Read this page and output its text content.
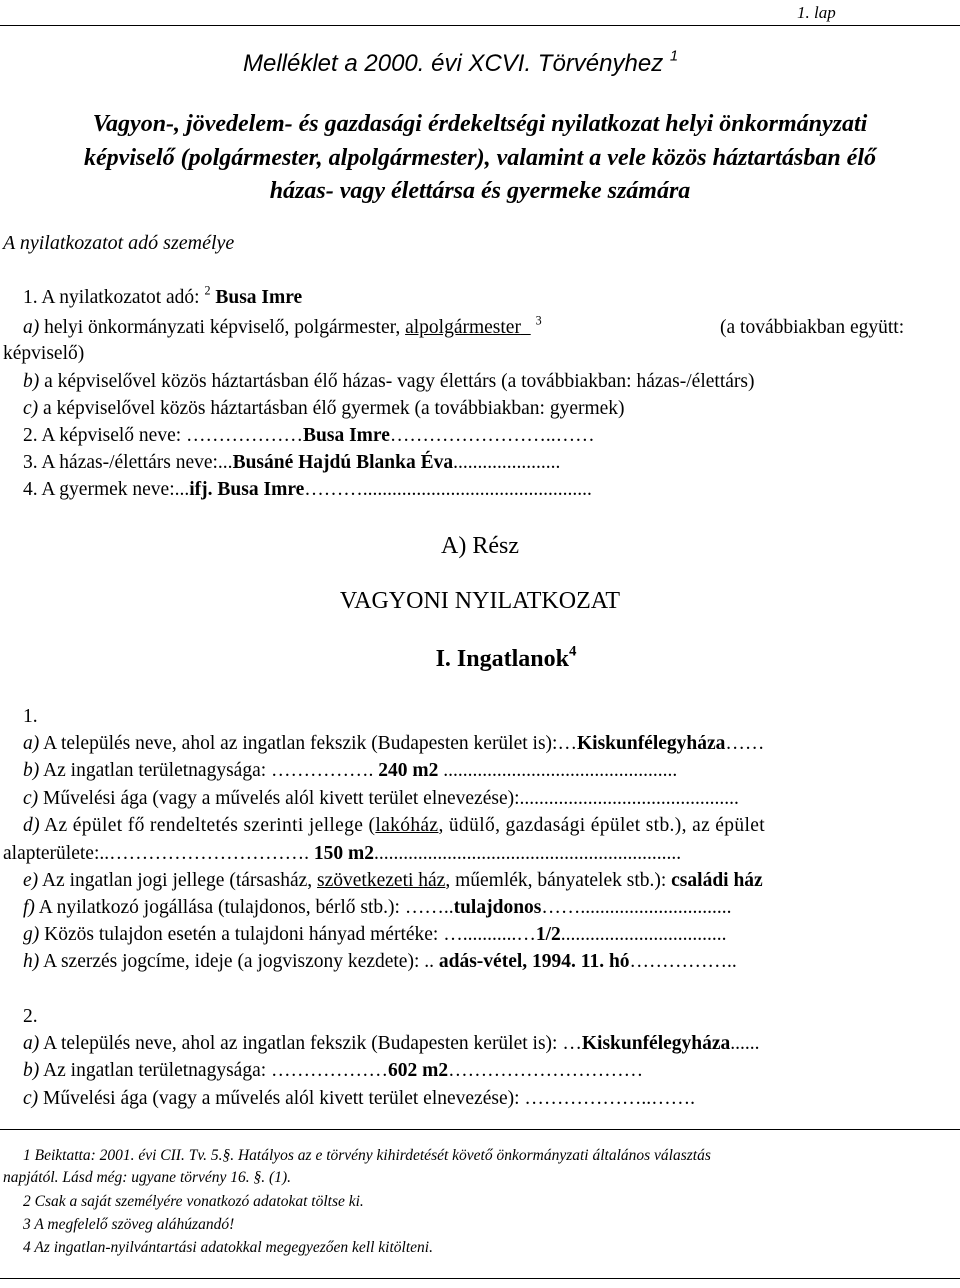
1. lap
Melléklet a 2000. évi XCVI. Törvényhez $^1$
Vagyon-, jövedelem- és gazdasági érdekeltségi nyilatkozat helyi önkormányzati
képviselő (polgármester, alpolgármester), valamint a vele közös háztartásban élő
házas- vagy élettársa és gyermeke számára
A nyilatkozatot adó személye
1. A nyilatkozatot adó: $^2$ Busa Imre
a) helyi önkormányzati képviselő, polgármester, alpolgármester $^3$	(a továbbiakban együtt:
képviselő)
b) a képviselővel közös háztartásban élő házas- vagy élettárs (a továbbiakban: házas-/élettárs)
c) a képviselővel közös háztartásban élő gyermek (a továbbiakban: gyermek)
2. A képviselő neve: ………………Busa Imre……………………..……
3. A házas-/élettárs neve:...Busáné Hajdú Blanka Éva......................
4. A gyermek neve:...ifj. Busa Imre………...............................................
A) Rész
VAGYONI NYILATKOZAT
I. Ingatlanok$^4$
1.
a) A település neve, ahol az ingatlan fekszik (Budapesten kerület is):…Kiskunfélegyháza……
b) Az ingatlan területnagysága: ……………. 240 m2 ................................................
c) Művelési ága (vagy a művelés alól kivett terület elnevezése):.............................................
d) Az épület fő rendeltetés szerinti jellege (lakóház, üdülő, gazdasági épület stb.), az épület
alapterülete:..…………………………. 150 m2...............................................................
e) Az ingatlan jogi jellege (társasház, szövetkezeti ház, műemlék, bányatelek stb.): családi ház
f) A nyilatkozó jogállása (tulajdonos, bérlő stb.): ……..tulajdonos……...............................
g) Közös tulajdon esetén a tulajdoni hányad mértéke: …...........…1/2..................................
h) A szerzés jogcíme, ideje (a jogviszony kezdete): .. adás-vétel, 1994. 11. hó……………..
2.
a) A település neve, ahol az ingatlan fekszik (Budapesten kerület is): …Kiskunfélegyháza......
b) Az ingatlan területnagysága: ………………602 m2…………………………
c) Művelési ága (vagy a művelés alól kivett terület elnevezése): ………………..…….
1 Beiktatta: 2001. évi CII. Tv. 5.§. Hatályos az e törvény kihirdetését követő önkormányzati általános választás
napjától. Lásd még: ugyane törvény 16. §. (1).
2 Csak a saját személyére vonatkozó adatokat töltse ki.
3 A megfelelő szöveg aláhúzandó!
4 Az ingatlan-nyilvántartási adatokkal megegyezően kell kitölteni.
